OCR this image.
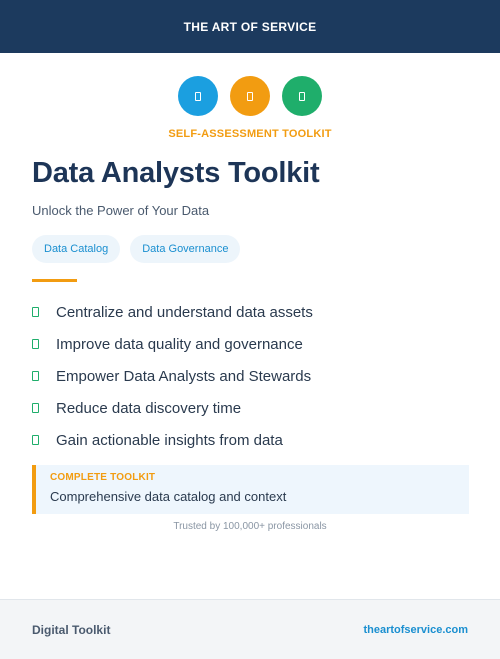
THE ART OF SERVICE
SELF-ASSESSMENT TOOLKIT
Data Analysts Toolkit
Unlock the Power of Your Data
Data Catalog	Data Governance
Centralize and understand data assets
Improve data quality and governance
Empower Data Analysts and Stewards
Reduce data discovery time
Gain actionable insights from data
COMPLETE TOOLKIT
Comprehensive data catalog and context
Trusted by 100,000+ professionals
Digital Toolkit	theartofservice.com
